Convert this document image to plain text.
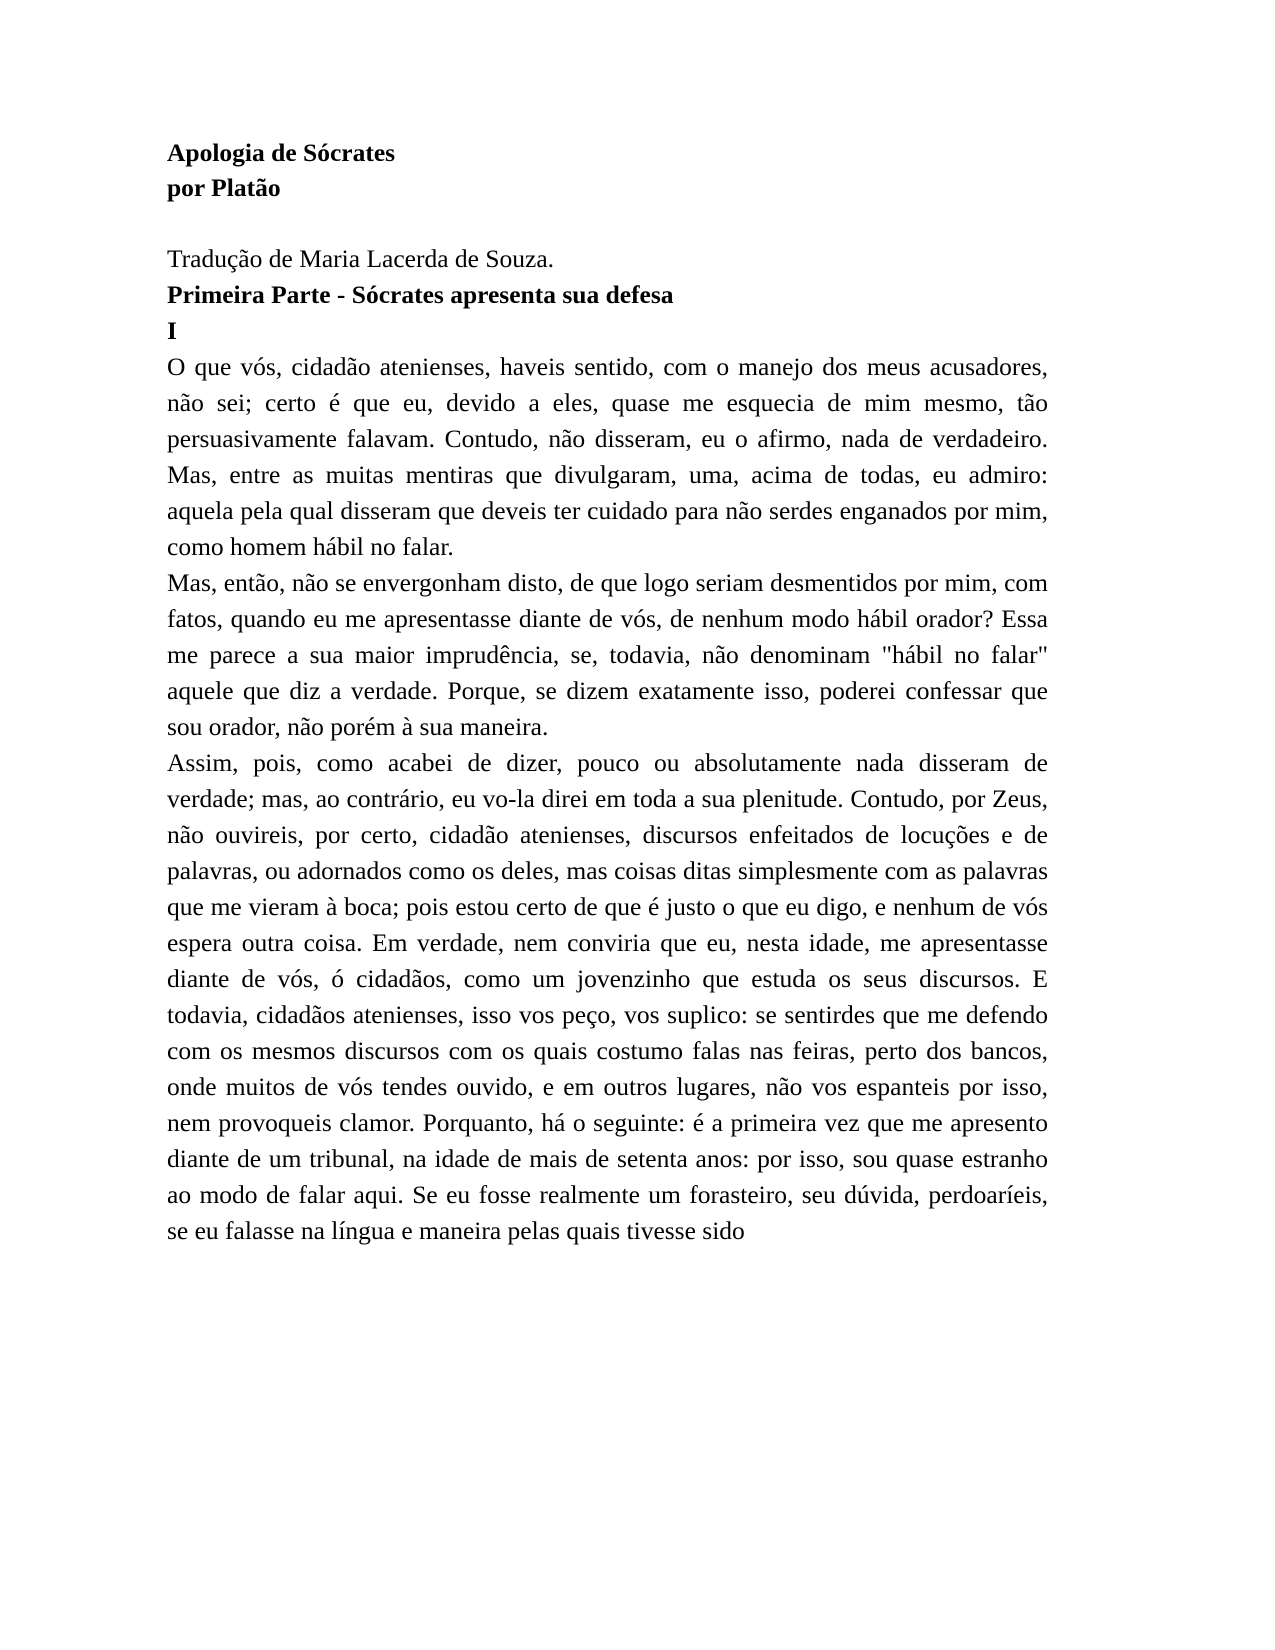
Apologia de Sócrates
por Platão

Tradução de Maria Lacerda de Souza.

Primeira Parte - Sócrates apresenta sua defesa

I

O que vós, cidadão atenienses, haveis sentido, com o manejo dos meus acusadores, não sei; certo é que eu, devido a eles, quase me esquecia de mim mesmo, tão persuasivamente falavam. Contudo, não disseram, eu o afirmo, nada de verdadeiro. Mas, entre as muitas mentiras que divulgaram, uma, acima de todas, eu admiro: aquela pela qual disseram que deveis ter cuidado para não serdes enganados por mim, como homem hábil no falar.

Mas, então, não se envergonham disto, de que logo seriam desmentidos por mim, com fatos, quando eu me apresentasse diante de vós, de nenhum modo hábil orador? Essa me parece a sua maior imprudência, se, todavia, não denominam "hábil no falar" aquele que diz a verdade. Porque, se dizem exatamente isso, poderei confessar que sou orador, não porém à sua maneira.

Assim, pois, como acabei de dizer, pouco ou absolutamente nada disseram de verdade; mas, ao contrário, eu vo-la direi em toda a sua plenitude. Contudo, por Zeus, não ouvireis, por certo, cidadão atenienses, discursos enfeitados de locuções e de palavras, ou adornados como os deles, mas coisas ditas simplesmente com as palavras que me vieram à boca; pois estou certo de que é justo o que eu digo, e nenhum de vós espera outra coisa. Em verdade, nem conviria que eu, nesta idade, me apresentasse diante de vós, ó cidadãos, como um jovenzinho que estuda os seus discursos. E todavia, cidadãos atenienses, isso vos peço, vos suplico: se sentirdes que me defendo com os mesmos discursos com os quais costumo falas nas feiras, perto dos bancos, onde muitos de vós tendes ouvido, e em outros lugares, não vos espanteis por isso, nem provoqueis clamor. Porquanto, há o seguinte: é a primeira vez que me apresento diante de um tribunal, na idade de mais de setenta anos: por isso, sou quase estranho ao modo de falar aqui. Se eu fosse realmente um forasteiro, seu dúvida, perdoaríeis, se eu falasse na língua e maneira pelas quais tivesse sido
